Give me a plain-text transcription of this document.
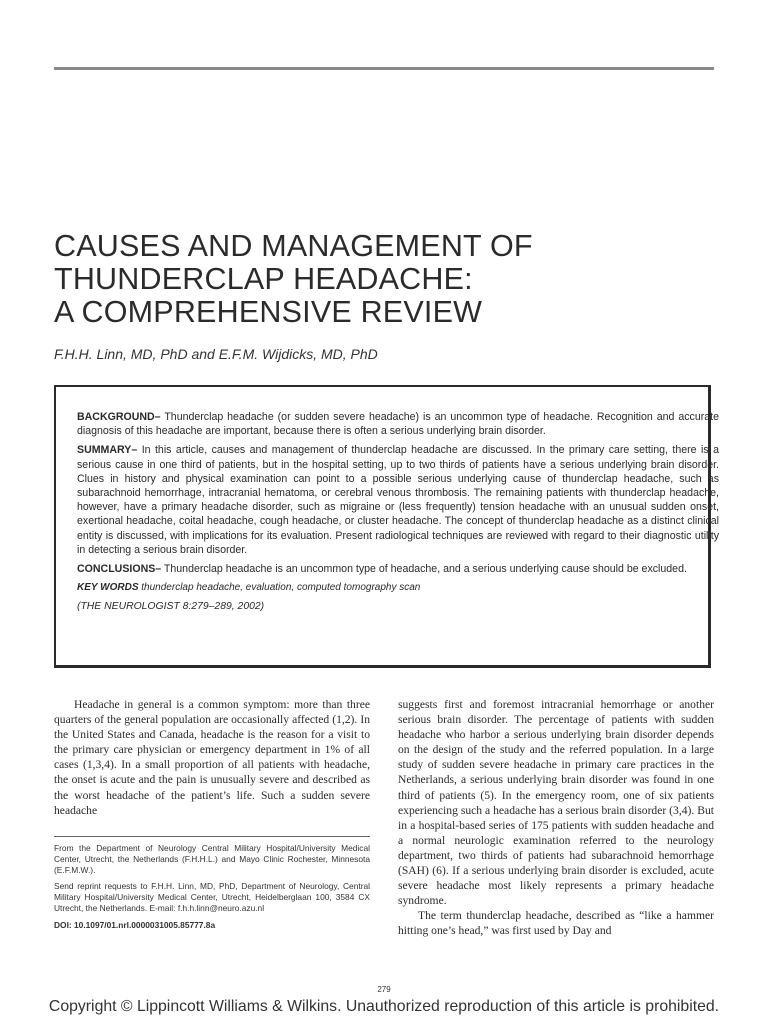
CAUSES AND MANAGEMENT OF
THUNDERCLAP HEADACHE:
A COMPREHENSIVE REVIEW
F.H.H. Linn, MD, PhD and E.F.M. Wijdicks, MD, PhD

BACKGROUND– Thunderclap headache (or sudden severe headache) is an uncommon type of headache. Recognition and accurate diagnosis of this headache are important, because there is often a serious underlying brain disorder.

SUMMARY– In this article, causes and management of thunderclap headache are discussed. In the primary care setting, there is a serious cause in one third of patients, but in the hospital setting, up to two thirds of patients have a serious underlying brain disorder. Clues in history and physical examination can point to a possible serious underlying cause of thunderclap headache, such as subarachnoid hemorrhage, intracranial hematoma, or cerebral venous thrombosis. The remaining patients with thunderclap headache, however, have a primary headache disorder, such as migraine or (less frequently) tension headache with an unusual sudden onset, exertional headache, coital headache, cough headache, or cluster headache. The concept of thunderclap headache as a distinct clinical entity is discussed, with implications for its evaluation. Present radiological techniques are reviewed with regard to their diagnostic utility in detecting a serious brain disorder.

CONCLUSIONS– Thunderclap headache is an uncommon type of headache, and a serious underlying cause should be excluded.

KEY WORDS thunderclap headache, evaluation, computed tomography scan

(THE NEUROLOGIST 8:279–289, 2002)

Headache in general is a common symptom: more than three quarters of the general population are occasionally affected (1,2). In the United States and Canada, headache is the reason for a visit to the primary care physician or emergency department in 1% of all cases (1,3,4). In a small proportion of all patients with headache, the onset is acute and the pain is unusually severe and described as the worst headache of the patient’s life. Such a sudden severe headache

suggests first and foremost intracranial hemorrhage or another serious brain disorder. The percentage of patients with sudden headache who harbor a serious underlying brain disorder depends on the design of the study and the referred population. In a large study of sudden severe headache in primary care practices in the Netherlands, a serious underlying brain disorder was found in one third of patients (5). In the emergency room, one of six patients experiencing such a headache has a serious brain disorder (3,4). But in a hospital-based series of 175 patients with sudden headache and a normal neurologic examination referred to the neurology department, two thirds of patients had subarachnoid hemorrhage (SAH) (6). If a serious underlying brain disorder is excluded, acute severe headache most likely represents a primary headache syndrome.

The term thunderclap headache, described as “like a hammer hitting one’s head,” was first used by Day and

From the Department of Neurology Central Military Hospital/University Medical Center, Utrecht, the Netherlands (F.H.H.L.) and Mayo Clinic Rochester, Minnesota (E.F.M.W.).

Send reprint requests to F.H.H. Linn, MD, PhD, Department of Neurology, Central Military Hospital/University Medical Center, Utrecht, Heidelberglaan 100, 3584 CX Utrecht, the Netherlands. E-mail: f.h.h.linn@neuro.azu.nl

DOI: 10.1097/01.nrl.0000031005.85777.8a

279
Copyright © Lippincott Williams & Wilkins. Unauthorized reproduction of this article is prohibited.
